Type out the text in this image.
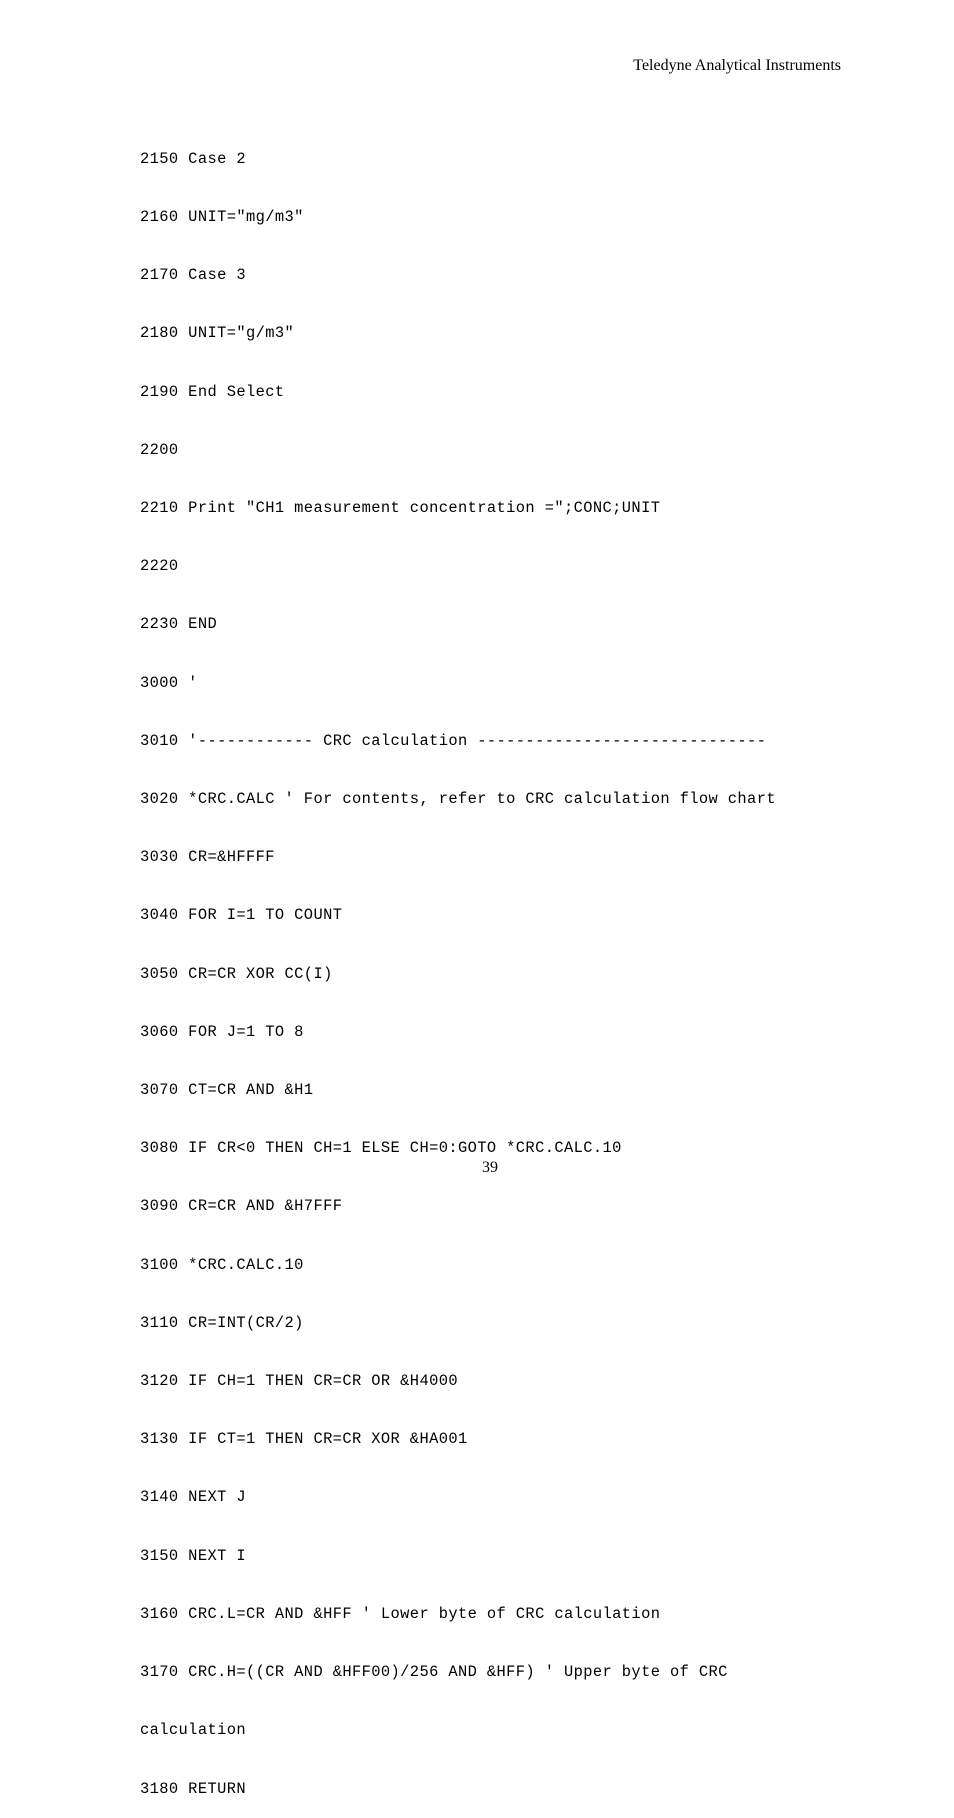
Teledyne Analytical Instruments

2150 Case 2

2160 UNIT="mg/m3"

2170 Case 3

2180 UNIT="g/m3"

2190 End Select

2200

2210 Print "CH1 measurement concentration =";CONC;UNIT

2220

2230 END

3000 '

3010 '------------ CRC calculation ------------------------------

3020 *CRC.CALC ' For contents, refer to CRC calculation flow chart

3030 CR=&HFFFF

3040 FOR I=1 TO COUNT

3050 CR=CR XOR CC(I)

3060 FOR J=1 TO 8

3070 CT=CR AND &H1

3080 IF CR<0 THEN CH=1 ELSE CH=0:GOTO *CRC.CALC.10

3090 CR=CR AND &H7FFF

3100 *CRC.CALC.10

3110 CR=INT(CR/2)

3120 IF CH=1 THEN CR=CR OR &H4000

3130 IF CT=1 THEN CR=CR XOR &HA001

3140 NEXT J

3150 NEXT I

3160 CRC.L=CR AND &HFF ' Lower byte of CRC calculation

3170 CRC.H=((CR AND &HFF00)/256 AND &HFF) ' Upper byte of CRC

calculation

3180 RETURN

39
